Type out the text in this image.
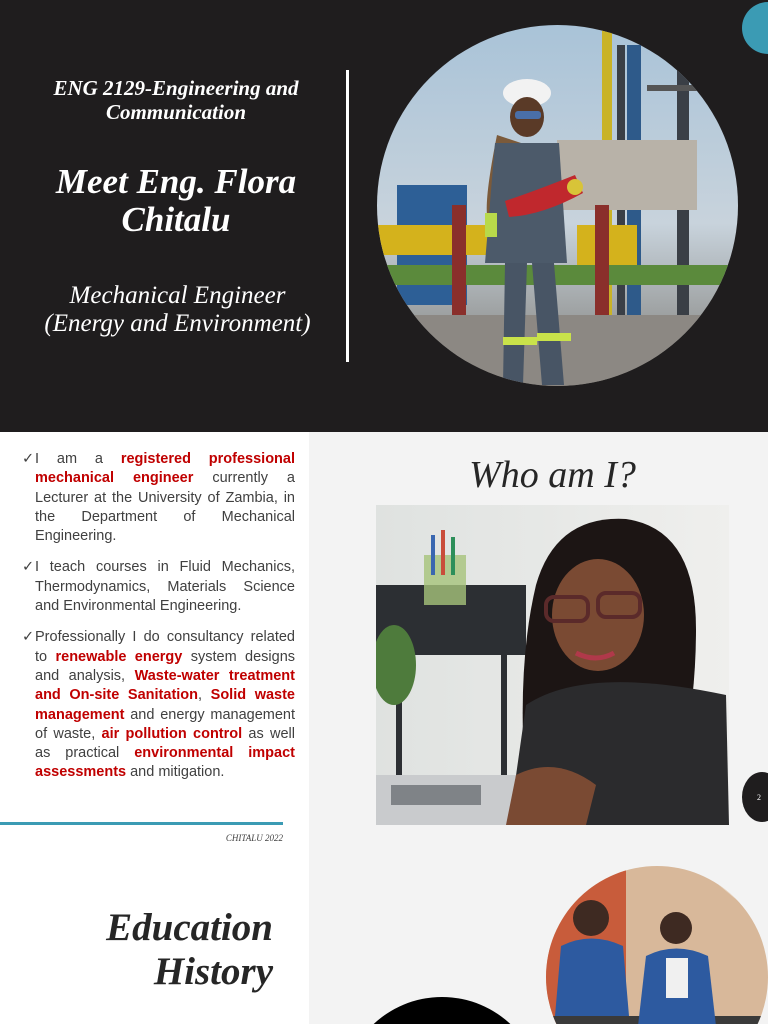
ENG 2129-Engineering and Communication
Meet Eng. Flora Chitalu
Mechanical Engineer (Energy and Environment)
✓ I am a registered professional mechanical engineer currently a Lecturer at the University of Zambia, in the Department of Mechanical Engineering.
✓ I teach courses in Fluid Mechanics, Thermodynamics, Materials Science and Environmental Engineering.
✓ Professionally I do consultancy related to renewable energy system designs and analysis, Waste-water treatment and On-site Sanitation, Solid waste management and energy management of waste, air pollution control as well as practical environmental impact assessments and mitigation.
CHITALU 2022
Who am I?
2
Education
History
